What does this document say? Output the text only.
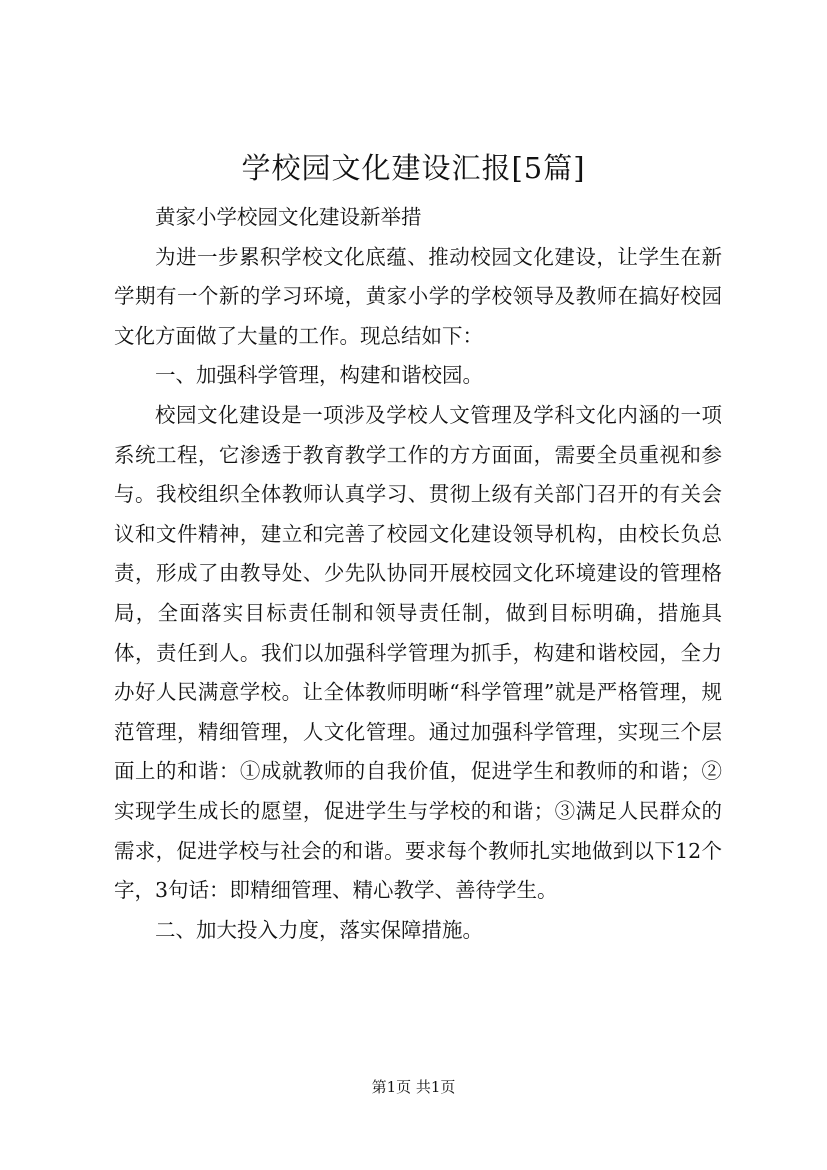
学校园文化建设汇报[5篇]

黄家小学校园文化建设新举措

为进一步累积学校文化底蕴、推动校园文化建设，让学生在新学期有一个新的学习环境，黄家小学的学校领导及教师在搞好校园文化方面做了大量的工作。现总结如下：

一、加强科学管理，构建和谐校园。

校园文化建设是一项涉及学校人文管理及学科文化内涵的一项系统工程，它渗透于教育教学工作的方方面面，需要全员重视和参与。我校组织全体教师认真学习、贯彻上级有关部门召开的有关会议和文件精神，建立和完善了校园文化建设领导机构，由校长负总责，形成了由教导处、少先队协同开展校园文化环境建设的管理格局，全面落实目标责任制和领导责任制，做到目标明确，措施具体，责任到人。我们以加强科学管理为抓手，构建和谐校园，全力办好人民满意学校。让全体教师明晰“科学管理”就是严格管理，规范管理，精细管理，人文化管理。通过加强科学管理，实现三个层面上的和谐：①成就教师的自我价值，促进学生和教师的和谐；②实现学生成长的愿望，促进学生与学校的和谐；③满足人民群众的需求，促进学校与社会的和谐。要求每个教师扎实地做到以下12个字，3句话：即精细管理、精心教学、善待学生。

二、加大投入力度，落实保障措施。

第1页 共1页
